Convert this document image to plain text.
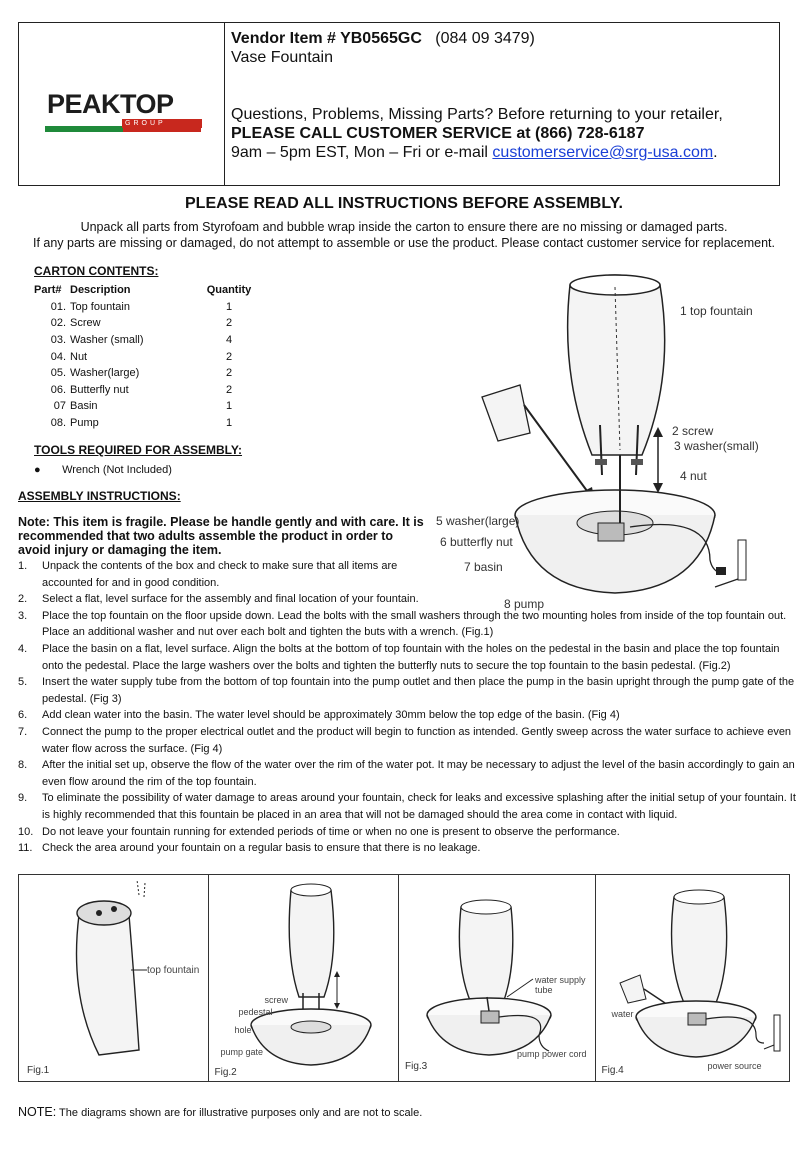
PEAKTOP
GROUP
Vendor Item # YB0565GC (084 09 3479)
Vase Fountain
Questions, Problems, Missing Parts? Before returning to your retailer,
PLEASE CALL CUSTOMER SERVICE at (866) 728-6187
9am – 5pm EST, Mon – Fri or e-mail customerservice@srg-usa.com.
PLEASE READ ALL INSTRUCTIONS BEFORE ASSEMBLY.
Unpack all parts from Styrofoam and bubble wrap inside the carton to ensure there are no missing or damaged parts.
If any parts are missing or damaged, do not attempt to assemble or use the product. Please contact customer service for replacement.
CARTON CONTENTS:
Part# Description	Quantity
01. Top fountain	1
02. Screw	2
03. Washer (small)	4
04. Nut	2
05. Washer(large)	2
06. Butterfly nut	2
07 Basin	1
08. Pump	1
TOOLS REQUIRED FOR ASSEMBLY:
● Wrench (Not Included)
ASSEMBLY INSTRUCTIONS:
Note: This item is fragile. Please be handle gently and with care. It is recommended that two adults assemble the product in order to avoid injury or damaging the item.
1.	Unpack the contents of the box and check to make sure that all items are accounted for and in good condition.
2.	Select a flat, level surface for the assembly and final location of your fountain.
3.	Place the top fountain on the floor upside down. Lead the bolts with the small washers through the two mounting holes from inside of the top fountain out. Place an additional washer and nut over each bolt and tighten the buts with a wrench. (Fig.1)
4.	Place the basin on a flat, level surface. Align the bolts at the bottom of top fountain with the holes on the pedestal in the basin and place the top fountain onto the pedestal. Place the large washers over the bolts and tighten the butterfly nuts to secure the top fountain to the basin pedestal. (Fig.2)
5.	Insert the water supply tube from the bottom of top fountain into the pump outlet and then place the pump in the basin upright through the pump gate of the pedestal. (Fig 3)
6.	Add clean water into the basin. The water level should be approximately 30mm below the top edge of the basin. (Fig 4)
7.	Connect the pump to the proper electrical outlet and the product will begin to function as intended. Gently sweep across the water surface to achieve even water flow across the surface. (Fig 4)
8.	After the initial set up, observe the flow of the water over the rim of the water pot. It may be necessary to adjust the level of the basin accordingly to gain an even flow around the rim of the top fountain.
9.	To eliminate the possibility of water damage to areas around your fountain, check for leaks and excessive splashing after the initial setup of your fountain. It is highly recommended that this fountain be placed in an area that will not be damaged should the area come in contact with liquid.
10. Do not leave your fountain running for extended periods of time or when no one is present to observe the performance.
11. Check the area around your fountain on a regular basis to ensure that there is no leakage.
1 top fountain
2 screw
3 washer(small)
4 nut
5 washer(large)
6 butterfly nut
7 basin
8 pump
top fountain
Fig.1
screw
pedestal
hole
pump gate
Fig.2
water supply tube
pump power cord
Fig.3
water
power source
Fig.4
NOTE: The diagrams shown are for illustrative purposes only and are not to scale.
